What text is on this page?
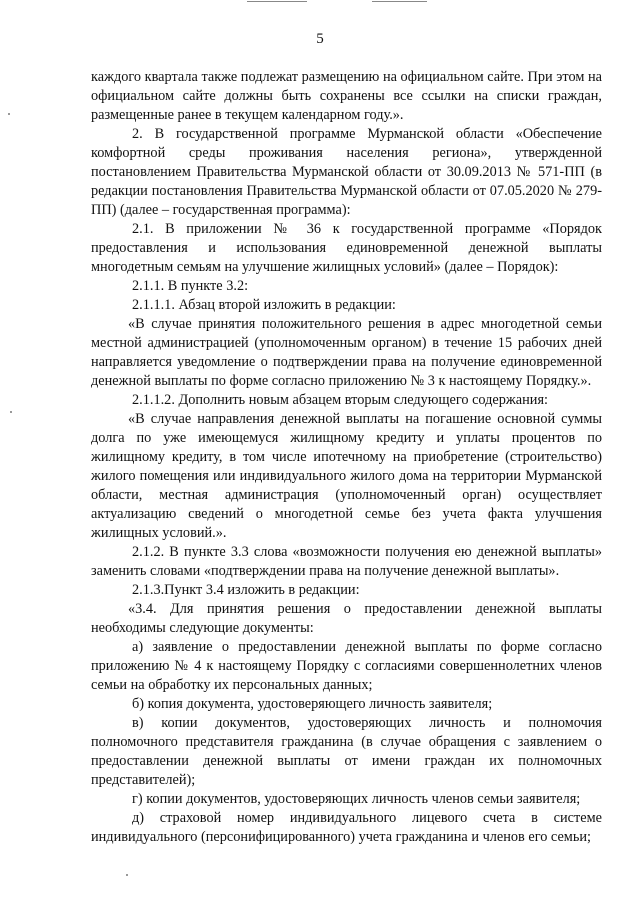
5

каждого квартала также подлежат размещению на официальном сайте. При этом на официальном сайте должны быть сохранены все ссылки на списки граждан, размещенные ранее в текущем календарном году.».

2. В государственной программе Мурманской области «Обеспечение комфортной среды проживания населения региона», утвержденной постановлением Правительства Мурманской области от 30.09.2013 № 571-ПП (в редакции постановления Правительства Мурманской области от 07.05.2020 № 279-ПП) (далее – государственная программа):

2.1. В приложении № 36 к государственной программе «Порядок предоставления и использования единовременной денежной выплаты многодетным семьям на улучшение жилищных условий» (далее – Порядок):

2.1.1. В пункте 3.2:

2.1.1.1. Абзац второй изложить в редакции:

«В случае принятия положительного решения в адрес многодетной семьи местной администрацией (уполномоченным органом) в течение 15 рабочих дней направляется уведомление о подтверждении права на получение единовременной денежной выплаты по форме согласно приложению № 3 к настоящему Порядку.».

2.1.1.2. Дополнить новым абзацем вторым следующего содержания:

«В случае направления денежной выплаты на погашение основной суммы долга по уже имеющемуся жилищному кредиту и уплаты процентов по жилищному кредиту, в том числе ипотечному на приобретение (строительство) жилого помещения или индивидуального жилого дома на территории Мурманской области, местная администрация (уполномоченный орган) осуществляет актуализацию сведений о многодетной семье без учета факта улучшения жилищных условий.».

2.1.2. В пункте 3.3 слова «возможности получения ею денежной выплаты» заменить словами «подтверждении права на получение денежной выплаты».

2.1.3.Пункт 3.4 изложить в редакции:

«3.4. Для принятия решения о предоставлении денежной выплаты необходимы следующие документы:

а) заявление о предоставлении денежной выплаты по форме согласно приложению № 4 к настоящему Порядку с согласиями совершеннолетних членов семьи на обработку их персональных данных;

б) копия документа, удостоверяющего личность заявителя;

в) копии документов, удостоверяющих личность и полномочия полномочного представителя гражданина (в случае обращения с заявлением о предоставлении денежной выплаты от имени граждан их полномочных представителей);

г) копии документов, удостоверяющих личность членов семьи заявителя;

д) страховой номер индивидуального лицевого счета в системе индивидуального (персонифицированного) учета гражданина и членов его семьи;
